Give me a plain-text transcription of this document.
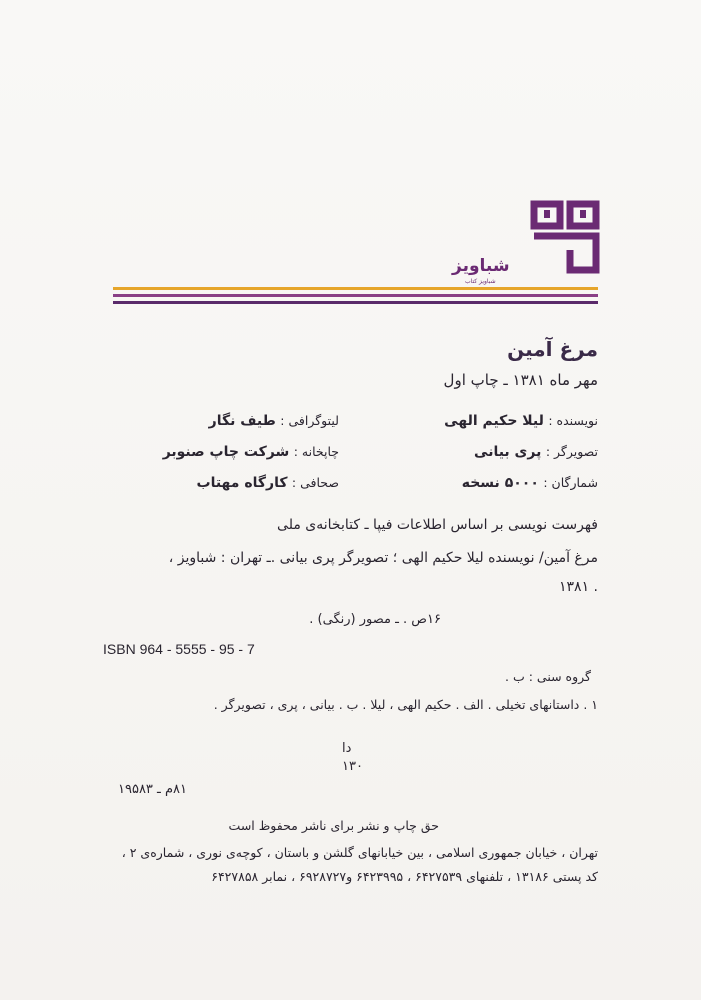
شباویز
شباویز کتاب
مرغ آمین
مهر ماه ۱۳۸۱ ـ چاپ اول
نویسنده : لیلا حکیم الهی
تصویرگر : پری بیانی
شمارگان : ۵۰۰۰ نسخه
لیتوگرافی : طیف نگار
چاپخانه : شرکت چاپ صنوبر
صحافی : کارگاه مهتاب
فهرست نویسی بر اساس اطلاعات فیپا ـ کتابخانه‌ی ملی
مرغ آمین/ نویسنده لیلا حکیم الهی ؛ تصویرگر پری بیانی .ـ تهران : شباویز ،
۱۳۸۱ .
۱۶ص . ـ مصور (رنگی) .
ISBN 964 - 5555 - 95 - 7
گروه سنی : ب .
۱ . داستانهای تخیلی . الف . حکیم الهی ، لیلا . ب . بیانی ، پری ، تصویرگر .
دا
۱۳۰
۸۱م ـ ۱۹۵۸۳
حق چاپ و نشر برای ناشر محفوظ است
تهران ، خیابان جمهوری اسلامی ، بین خیابانهای گلشن و باستان ، کوچه‌ی نوری ، شماره‌ی ۲ ،
کد پستی ۱۳۱۸۶ ، تلفنهای ۶۴۲۷۵۳۹ ، ۶۴۲۳۹۹۵ و۶۹۲۸۷۲۷ ، نمابر ۶۴۲۷۸۵۸
